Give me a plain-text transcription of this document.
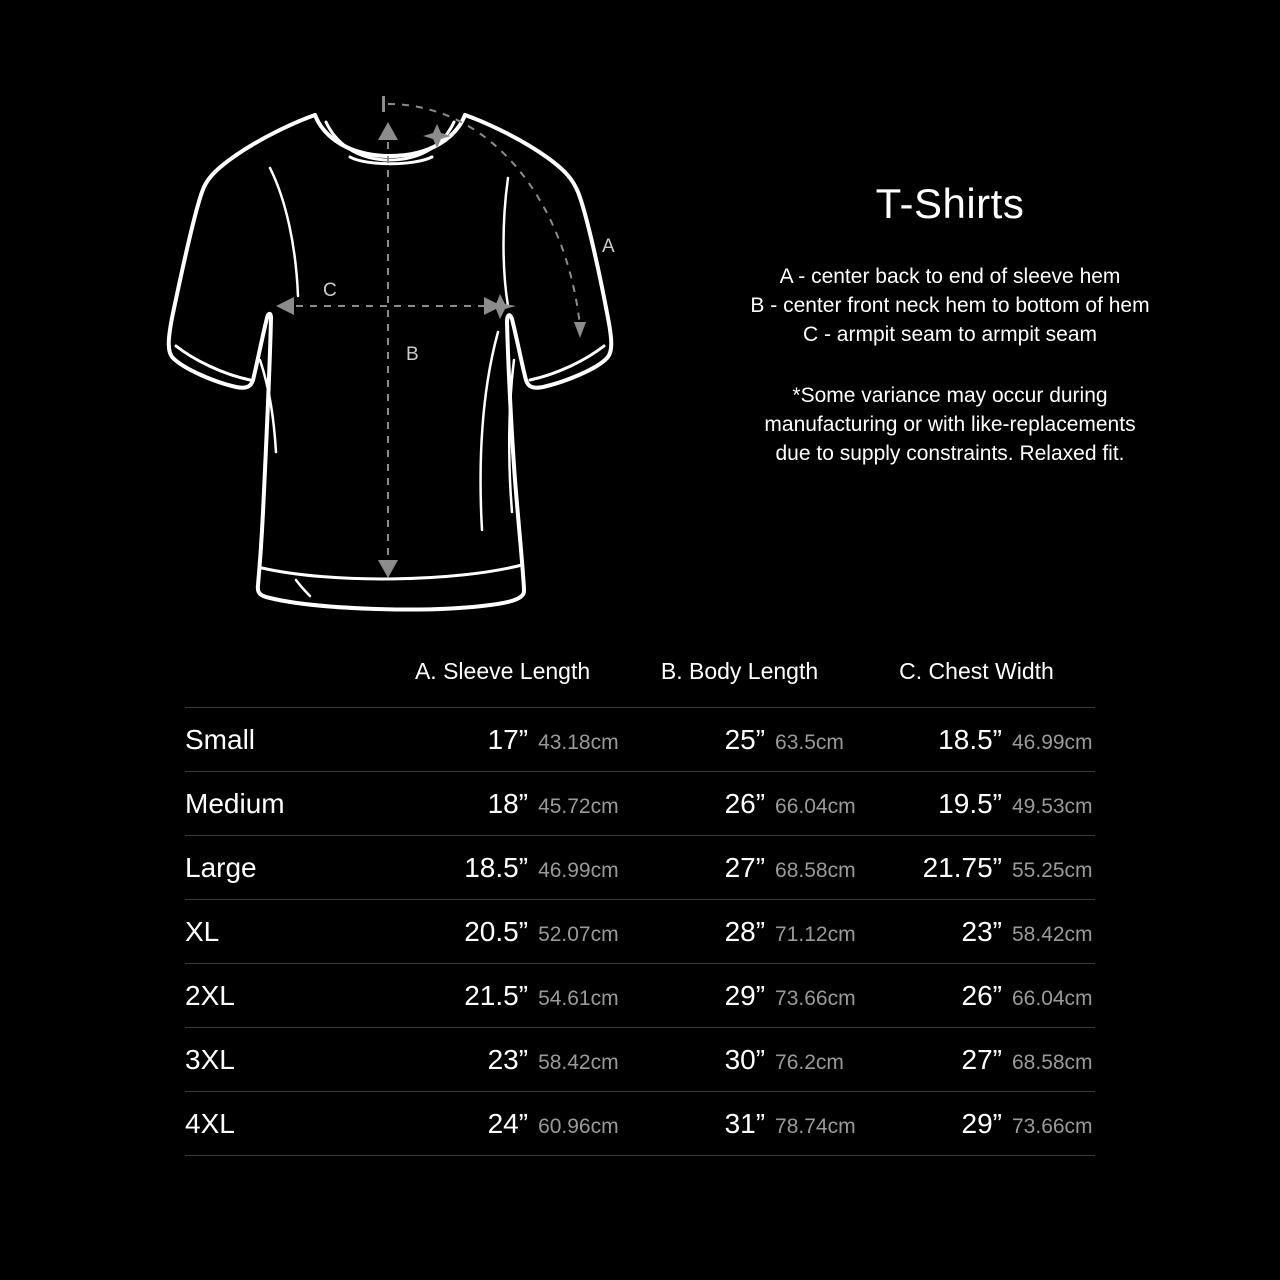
A
B
C
T-Shirts
A - center back to end of sleeve hem
B - center front neck hem to bottom of hem
C - armpit seam to armpit seam
*Some variance may occur during
manufacturing or with like-replacements
due to supply constraints. Relaxed fit.
	A. Sleeve Length	B. Body Length	C. Chest Width
Small	17” 43.18cm	25” 63.5cm	18.5” 46.99cm

Medium	18” 45.72cm	26” 66.04cm	19.5” 49.53cm

Large	18.5” 46.99cm	27” 68.58cm	21.75” 55.25cm

XL	20.5” 52.07cm	28” 71.12cm	23” 58.42cm

2XL	21.5” 54.61cm	29” 73.66cm	26” 66.04cm

3XL	23” 58.42cm	30” 76.2cm	27” 68.58cm

4XL	24” 60.96cm	31” 78.74cm	29” 73.66cm
